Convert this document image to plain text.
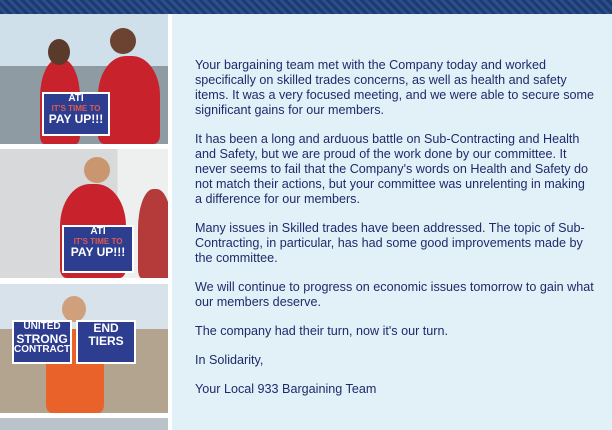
ATI
IT'S TIME TO
PAY UP!!!
ATI
IT'S TIME TO
PAY UP!!!
UNITED
STRONG
CONTRACT
END
TIERS

Your bargaining team met with the Company today and worked specifically on skilled trades concerns, as well as health and safety items. It was a very focused meeting, and we were able to secure some significant gains for our members.

It has been a long and arduous battle on Sub-Contracting and Health and Safety, but we are proud of the work done by our committee. It never seems to fail that the Company's words on Health and Safety do not match their actions, but your committee was unrelenting in making a difference for our members.

Many issues in Skilled trades have been addressed. The topic of Sub-Contracting, in particular, has had some good improvements made by the committee.

We will continue to progress on economic issues tomorrow to gain what our members deserve.

The company had their turn, now it's our turn.

In Solidarity,

Your Local 933 Bargaining Team
